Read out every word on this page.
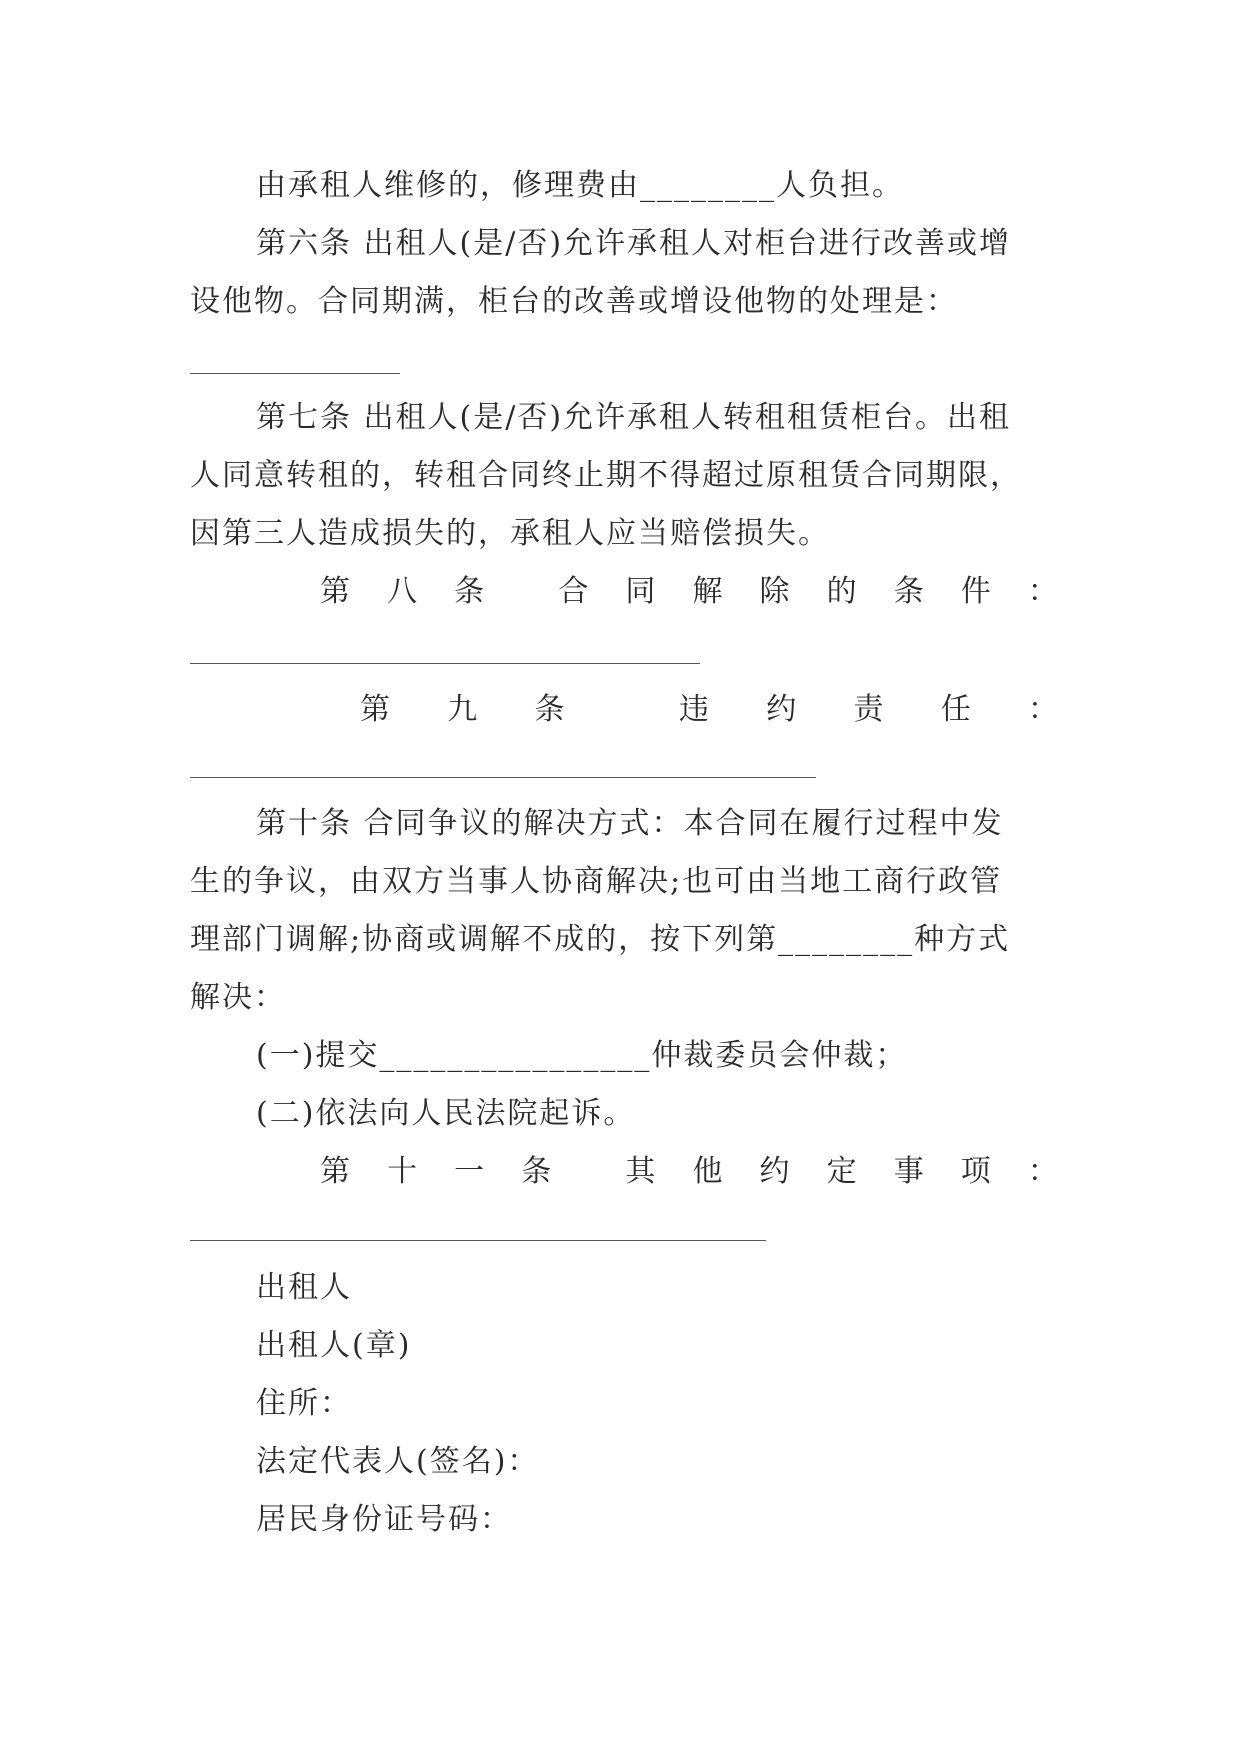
由承租人维修的，修理费由________人负担。
第六条 出租人(是/否)允许承租人对柜台进行改善或增
设他物。合同期满，柜台的改善或增设他物的处理是：
第七条 出租人(是/否)允许承租人转租租赁柜台。出租
人同意转租的，转租合同终止期不得超过原租赁合同期限，
因第三人造成损失的，承租人应当赔偿损失。
第 八 条 合 同 解 除 的 条 件 ：
第 九 条	违 约 责 任 ：
第十条 合同争议的解决方式：本合同在履行过程中发
生的争议，由双方当事人协商解决;也可由当地工商行政管
理部门调解;协商或调解不成的，按下列第________种方式
解决：
(一)提交________________仲裁委员会仲裁；
(二)依法向人民法院起诉。
第 十 一 条 其 他 约 定 事 项 ：
出租人
出租人(章)
住所：
法定代表人(签名)：
居民身份证号码：
